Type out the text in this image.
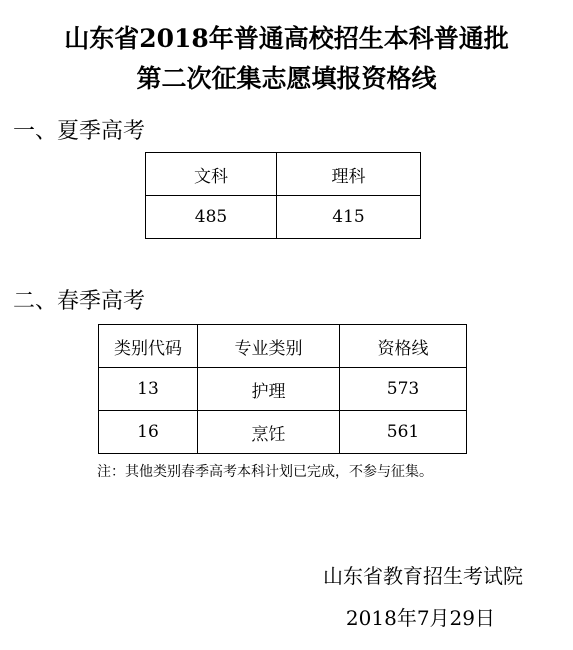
山东省2018年普通高校招生本科普通批
第二次征集志愿填报资格线
一、夏季高考
文科	理科
485	415
二、春季高考
类别代码	专业类别	资格线
13	护理	573
16	烹饪	561
注：其他类别春季高考本科计划已完成，不参与征集。
山东省教育招生考试院
2018年7月29日
